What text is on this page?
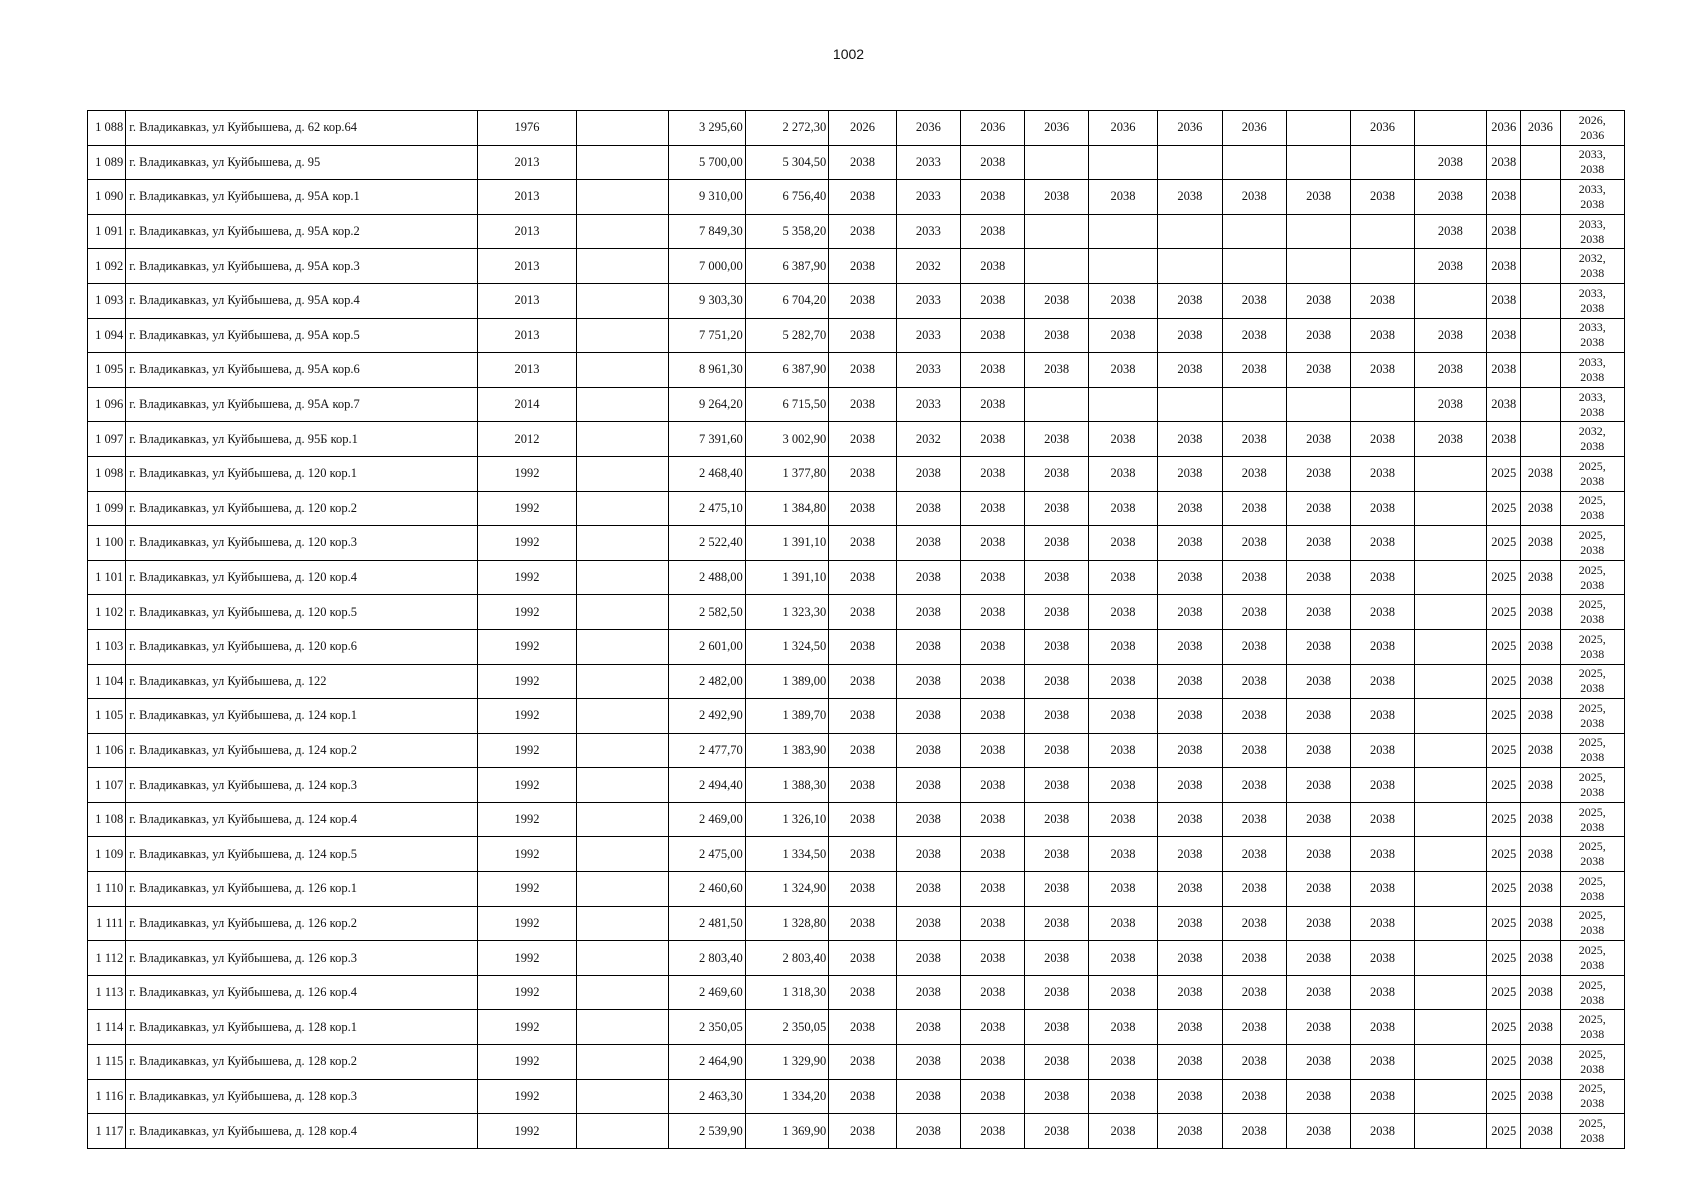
1002
1 088	г. Владикавказ, ул Куйбышева, д. 62 кор.64	1976		3 295,60	2 272,30	2026	2036	2036	2036	2036	2036	2036		2036		2036	2036	2026,
2036

1 089	г. Владикавказ, ул Куйбышева, д. 95	2013		5 700,00	5 304,50	2038	2033	2038							2038	2038		2033,
2038

1 090	г. Владикавказ, ул Куйбышева, д. 95А кор.1	2013		9 310,00	6 756,40	2038	2033	2038	2038	2038	2038	2038	2038	2038	2038	2038		2033,
2038

1 091	г. Владикавказ, ул Куйбышева, д. 95А кор.2	2013		7 849,30	5 358,20	2038	2033	2038							2038	2038		2033,
2038

1 092	г. Владикавказ, ул Куйбышева, д. 95А кор.3	2013		7 000,00	6 387,90	2038	2032	2038							2038	2038		2032,
2038

1 093	г. Владикавказ, ул Куйбышева, д. 95А кор.4	2013		9 303,30	6 704,20	2038	2033	2038	2038	2038	2038	2038	2038	2038		2038		2033,
2038

1 094	г. Владикавказ, ул Куйбышева, д. 95А кор.5	2013		7 751,20	5 282,70	2038	2033	2038	2038	2038	2038	2038	2038	2038	2038	2038		2033,
2038

1 095	г. Владикавказ, ул Куйбышева, д. 95А кор.6	2013		8 961,30	6 387,90	2038	2033	2038	2038	2038	2038	2038	2038	2038	2038	2038		2033,
2038

1 096	г. Владикавказ, ул Куйбышева, д. 95А кор.7	2014		9 264,20	6 715,50	2038	2033	2038							2038	2038		2033,
2038

1 097	г. Владикавказ, ул Куйбышева, д. 95Б кор.1	2012		7 391,60	3 002,90	2038	2032	2038	2038	2038	2038	2038	2038	2038	2038	2038		2032,
2038

1 098	г. Владикавказ, ул Куйбышева, д. 120 кор.1	1992		2 468,40	1 377,80	2038	2038	2038	2038	2038	2038	2038	2038	2038		2025	2038	2025,
2038

1 099	г. Владикавказ, ул Куйбышева, д. 120 кор.2	1992		2 475,10	1 384,80	2038	2038	2038	2038	2038	2038	2038	2038	2038		2025	2038	2025,
2038

1 100	г. Владикавказ, ул Куйбышева, д. 120 кор.3	1992		2 522,40	1 391,10	2038	2038	2038	2038	2038	2038	2038	2038	2038		2025	2038	2025,
2038

1 101	г. Владикавказ, ул Куйбышева, д. 120 кор.4	1992		2 488,00	1 391,10	2038	2038	2038	2038	2038	2038	2038	2038	2038		2025	2038	2025,
2038

1 102	г. Владикавказ, ул Куйбышева, д. 120 кор.5	1992		2 582,50	1 323,30	2038	2038	2038	2038	2038	2038	2038	2038	2038		2025	2038	2025,
2038

1 103	г. Владикавказ, ул Куйбышева, д. 120 кор.6	1992		2 601,00	1 324,50	2038	2038	2038	2038	2038	2038	2038	2038	2038		2025	2038	2025,
2038

1 104	г. Владикавказ, ул Куйбышева, д. 122	1992		2 482,00	1 389,00	2038	2038	2038	2038	2038	2038	2038	2038	2038		2025	2038	2025,
2038

1 105	г. Владикавказ, ул Куйбышева, д. 124 кор.1	1992		2 492,90	1 389,70	2038	2038	2038	2038	2038	2038	2038	2038	2038		2025	2038	2025,
2038

1 106	г. Владикавказ, ул Куйбышева, д. 124 кор.2	1992		2 477,70	1 383,90	2038	2038	2038	2038	2038	2038	2038	2038	2038		2025	2038	2025,
2038

1 107	г. Владикавказ, ул Куйбышева, д. 124 кор.3	1992		2 494,40	1 388,30	2038	2038	2038	2038	2038	2038	2038	2038	2038		2025	2038	2025,
2038

1 108	г. Владикавказ, ул Куйбышева, д. 124 кор.4	1992		2 469,00	1 326,10	2038	2038	2038	2038	2038	2038	2038	2038	2038		2025	2038	2025,
2038

1 109	г. Владикавказ, ул Куйбышева, д. 124 кор.5	1992		2 475,00	1 334,50	2038	2038	2038	2038	2038	2038	2038	2038	2038		2025	2038	2025,
2038

1 110	г. Владикавказ, ул Куйбышева, д. 126 кор.1	1992		2 460,60	1 324,90	2038	2038	2038	2038	2038	2038	2038	2038	2038		2025	2038	2025,
2038

1 111	г. Владикавказ, ул Куйбышева, д. 126 кор.2	1992		2 481,50	1 328,80	2038	2038	2038	2038	2038	2038	2038	2038	2038		2025	2038	2025,
2038

1 112	г. Владикавказ, ул Куйбышева, д. 126 кор.3	1992		2 803,40	2 803,40	2038	2038	2038	2038	2038	2038	2038	2038	2038		2025	2038	2025,
2038

1 113	г. Владикавказ, ул Куйбышева, д. 126 кор.4	1992		2 469,60	1 318,30	2038	2038	2038	2038	2038	2038	2038	2038	2038		2025	2038	2025,
2038

1 114	г. Владикавказ, ул Куйбышева, д. 128 кор.1	1992		2 350,05	2 350,05	2038	2038	2038	2038	2038	2038	2038	2038	2038		2025	2038	2025,
2038

1 115	г. Владикавказ, ул Куйбышева, д. 128 кор.2	1992		2 464,90	1 329,90	2038	2038	2038	2038	2038	2038	2038	2038	2038		2025	2038	2025,
2038

1 116	г. Владикавказ, ул Куйбышева, д. 128 кор.3	1992		2 463,30	1 334,20	2038	2038	2038	2038	2038	2038	2038	2038	2038		2025	2038	2025,
2038

1 117	г. Владикавказ, ул Куйбышева, д. 128 кор.4	1992		2 539,90	1 369,90	2038	2038	2038	2038	2038	2038	2038	2038	2038		2025	2038	2025,
2038
